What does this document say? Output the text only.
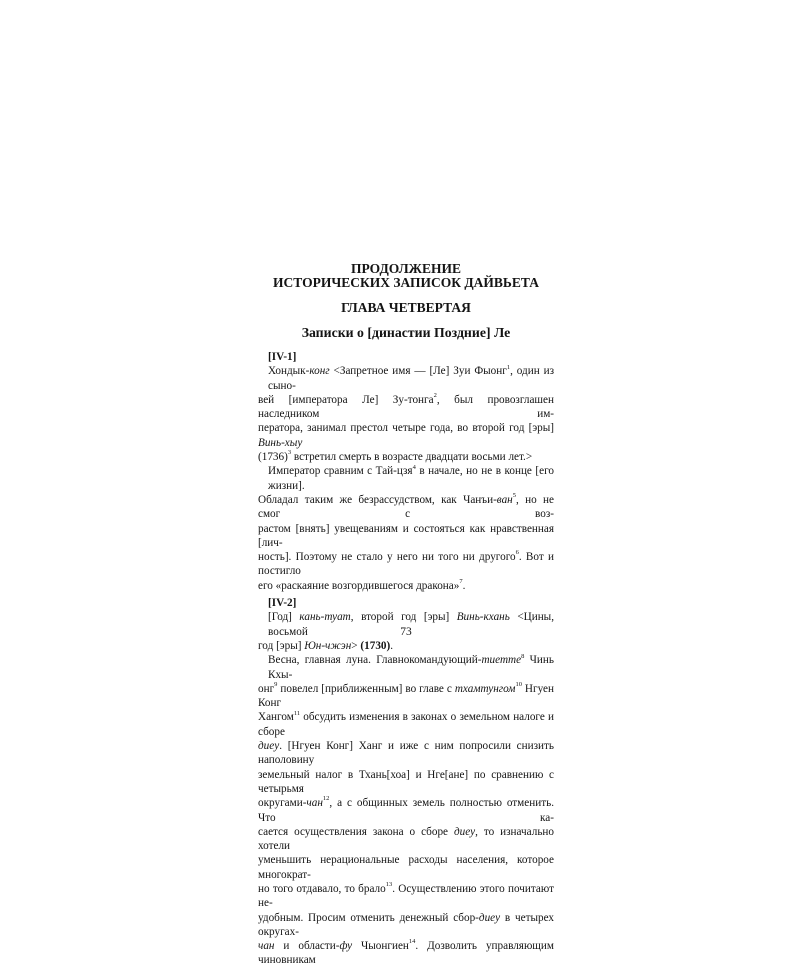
ПРОДОЛЖЕНИЕ
ИСТОРИЧЕСКИХ ЗАПИСОК ДАЙВЬЕТА
ГЛАВА ЧЕТВЕРТАЯ
Записки о [династии Поздние] Ле

[IV-1]

Хондык-конг <Запретное имя — [Ле] Зуи Фыонг$^1$, один из сыно-

вей [императора Ле] Зу-тонга$^2$, был провозглашен наследником им-

ператора, занимал престол четыре года, во второй год [эры] Винь-хыу

$(1736)^3$ встретил смерть в возрасте двадцати восьми лет.>

Император сравним с Тай-цзя$^4$ в начале, но не в конце [его жизни].

Обладал таким же безрассудством, как Чанъи-ван$^5$, но не смог с воз-

растом [внять] увещеваниям и состояться как нравственная [лич-

ность]. Поэтому не стало у него ни того ни другого$^6$. Вот и постигло

его «раскаяние возгордившегося дракона»$^7$.

[IV-2]

[Год] кань-туат, второй год [эры] Винь-кхань <Цины, восьмой

год [эры] Юн-чжэн> (1730).

Весна, главная луна. Главнокомандующий-тиетте$^8$ Чинь Кхы-

онг$^9$ повелел [приближенным] во главе с тхамтунгом$^{10}$ Нгуен Конг

Хангом$^{11}$ обсудить изменения в законах о земельном налоге и сборе

диеу. [Нгуен Конг] Ханг и иже с ним попросили снизить наполовину

земельный налог в Тхань[хоа] и Нге[ане] по сравнению с четырьмя

округами-чан$^{12}$, а с общинных земель полностью отменить. Что ка-

сается осуществления закона о сборе диеу, то изначально хотели

уменьшить нерациональные расходы населения, которое многократ-

но того отдавало, то брало$^{13}$. Осуществлению этого почитают не-

удобным. Просим отменить денежный сбор-диеу в четырех округах-

чан и области-фу Чыонгиен$^{14}$. Дозволить управляющим чиновникам

73
